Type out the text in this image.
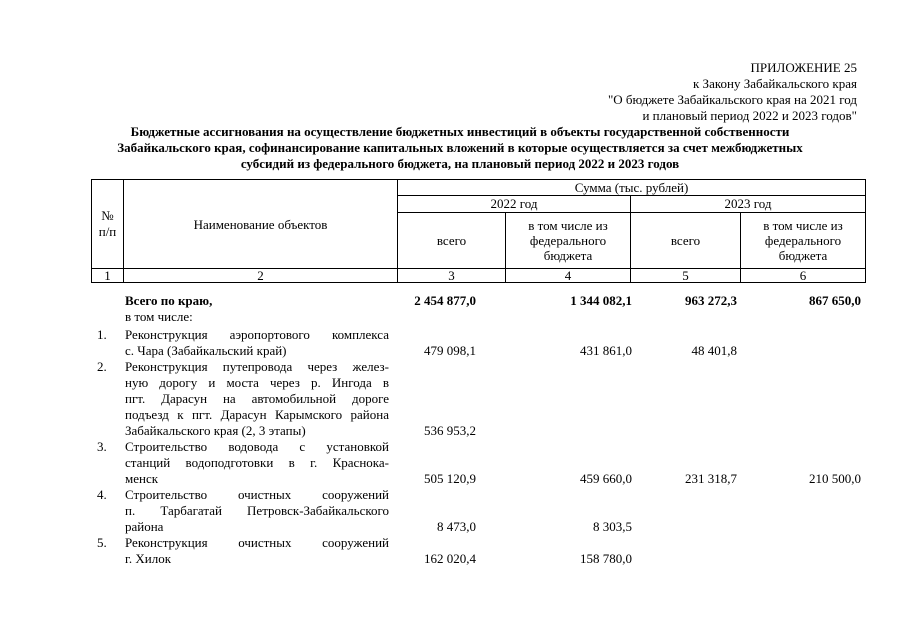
ПРИЛОЖЕНИЕ 25
к Закону Забайкальского края
"О бюджете Забайкальского края на 2021 год
и плановый период 2022 и 2023 годов"
Бюджетные ассигнования на осуществление бюджетных инвестиций в объекты государственной собственности
Забайкальского края, софинансирование капитальных вложений в которые осуществляется за счет межбюджетных
субсидий из федерального бюджета, на плановый период 2022 и 2023 годов
№
п/п	Наименование объектов	Сумма (тыс. рублей)			
		2022 год		2023 год	
		всего	в том числе из федерального бюджета	всего	в том числе из федерального бюджета
1	2	3	4	5	6
Всего по краю,	2 454 877,0	1 344 082,1	963 272,3	867 650,0
в том числе:
1.	Реконструкция аэропортового комплекса
с. Чара (Забайкальский край)	479 098,1	431 861,0	48 401,8
2.	Реконструкция путепровода через желез-
ную дорогу и моста через р. Ингода в
пгт. Дарасун на автомобильной дороге
подъезд к пгт. Дарасун Карымского района
Забайкальского края (2, 3 этапы)	536 953,2
3.	Строительство водовода с установкой
станций водоподготовки в г. Краснока-
менск	505 120,9	459 660,0	231 318,7	210 500,0
4.	Строительство очистных сооружений
п. Тарбагатай Петровск-Забайкальского
района	8 473,0	8 303,5
5.	Реконструкция очистных сооружений
г. Хилок	162 020,4	158 780,0
